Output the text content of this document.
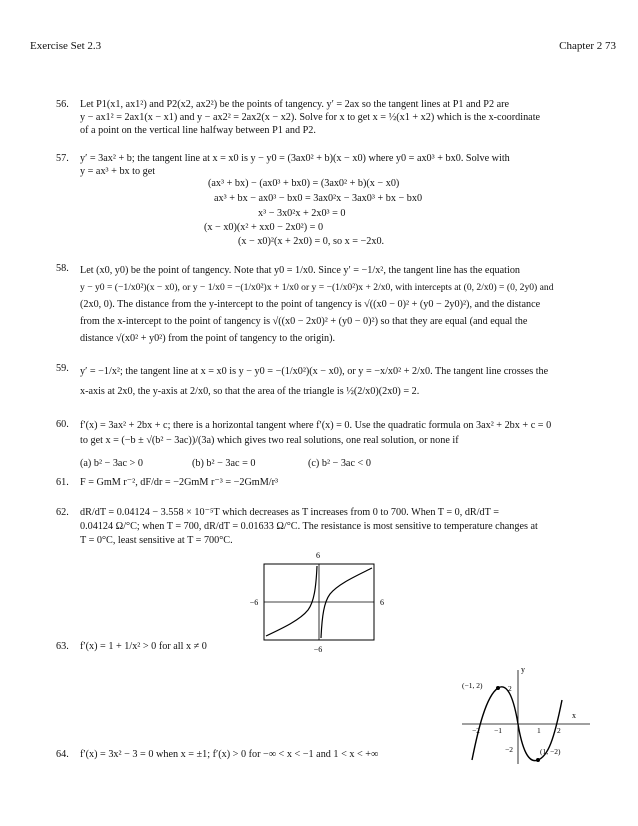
Exercise Set 2.3	Chapter 2 73
56. Let P1(x1, ax1²) and P2(x2, ax2²) be the points of tangency. y′ = 2ax so the tangent lines at P1 and P2 are
y − ax1² = 2ax1(x − x1) and y − ax2² = 2ax2(x − x2). Solve for x to get x = ½(x1 + x2) which is the x-coordinate
of a point on the vertical line halfway between P1 and P2.
57. y′ = 3ax² + b; the tangent line at x = x0 is y − y0 = (3ax0² + b)(x − x0) where y0 = ax0³ + bx0. Solve with
y = ax³ + bx to get
(ax³ + bx) − (ax0³ + bx0) = (3ax0² + b)(x − x0)
ax³ + bx − ax0³ − bx0 = 3ax0²x − 3ax0³ + bx − bx0
x³ − 3x0²x + 2x0³ = 0
(x − x0)(x² + xx0 − 2x0²) = 0
(x − x0)²(x + 2x0) = 0, so x = −2x0.
58. Let (x0, y0) be the point of tangency. Note that y0 = 1/x0. Since y′ = −1/x², the tangent line has the equation
y − y0 = (−1/x0²)(x − x0), or y − 1/x0 = −(1/x0²)x + 1/x0 or y = −(1/x0²)x + 2/x0, with intercepts at (0, 2/x0) = (0, 2y0) and
(2x0, 0). The distance from the y-intercept to the point of tangency is √((x0 − 0)² + (y0 − 2y0)²), and the distance
from the x-intercept to the point of tangency is √((x0 − 2x0)² + (y0 − 0)²) so that they are equal (and equal the
distance √(x0² + y0²) from the point of tangency to the origin).
59. y′ = −1/x²; the tangent line at x = x0 is y − y0 = −(1/x0²)(x − x0), or y = −x/x0² + 2/x0. The tangent line crosses the
x-axis at 2x0, the y-axis at 2/x0, so that the area of the triangle is ½(2/x0)(2x0) = 2.
60. f′(x) = 3ax² + 2bx + c; there is a horizontal tangent where f′(x) = 0. Use the quadratic formula on 3ax² + 2bx + c = 0
to get x = (−b ± √(b² − 3ac))/(3a) which gives two real solutions, one real solution, or none if
(a) b² − 3ac > 0	(b) b² − 3ac = 0	(c) b² − 3ac < 0
61. F = GmM r⁻², dF/dr = −2GmM r⁻³ = −2GmM/r³
62. dR/dT = 0.04124 − 3.558 × 10⁻⁵T which decreases as T increases from 0 to 700. When T = 0, dR/dT =
0.04124 Ω/°C; when T = 700, dR/dT = 0.01633 Ω/°C. The resistance is most sensitive to temperature changes at
T = 0°C, least sensitive at T = 700°C.
6
−6	6
−6
63. f′(x) = 1 + 1/x² > 0 for all x ≠ 0
y
x
(−1, 2)
(1, −2)
2
−2
−2 −1	1 2
64. f′(x) = 3x² − 3 = 0 when x = ±1; f′(x) > 0 for −∞ < x < −1 and 1 < x < +∞
